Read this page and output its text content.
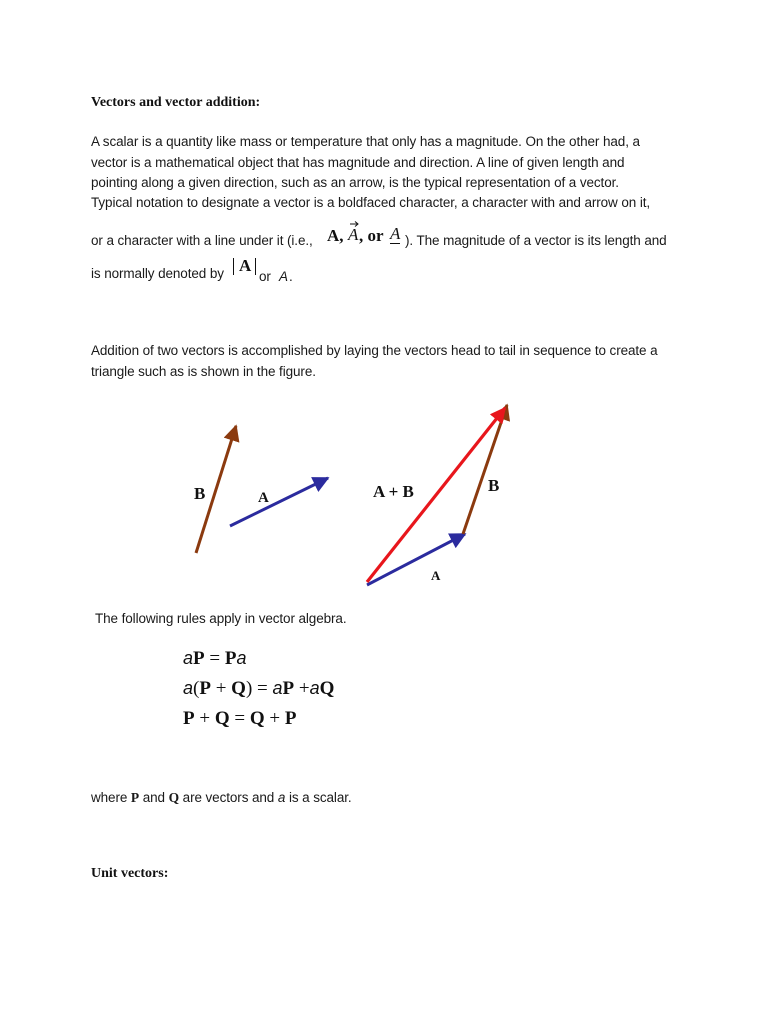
Vectors and vector addition:
A scalar is a quantity like mass or temperature that only has a magnitude. On the other had, a
vector is a mathematical object that has magnitude and direction. A line of given length and
pointing along a given direction, such as an arrow, is the typical representation of a vector.
Typical notation to designate a vector is a boldfaced character, a character with and arrow on it,
or a character with a line under it (i.e., A, A , or A ). The magnitude of a vector is its length and
is normally denoted by A
or A .
Addition of two vectors is accomplished by laying the vectors head to tail in sequence to create a
triangle such as is shown in the figure.
B	A	A + B	B
A
The following rules apply in vector algebra.
aP = Pa
a(P + Q) = aP +aQ
P + Q = Q + P
where P and Q are vectors and a is a scalar.
Unit vectors:
